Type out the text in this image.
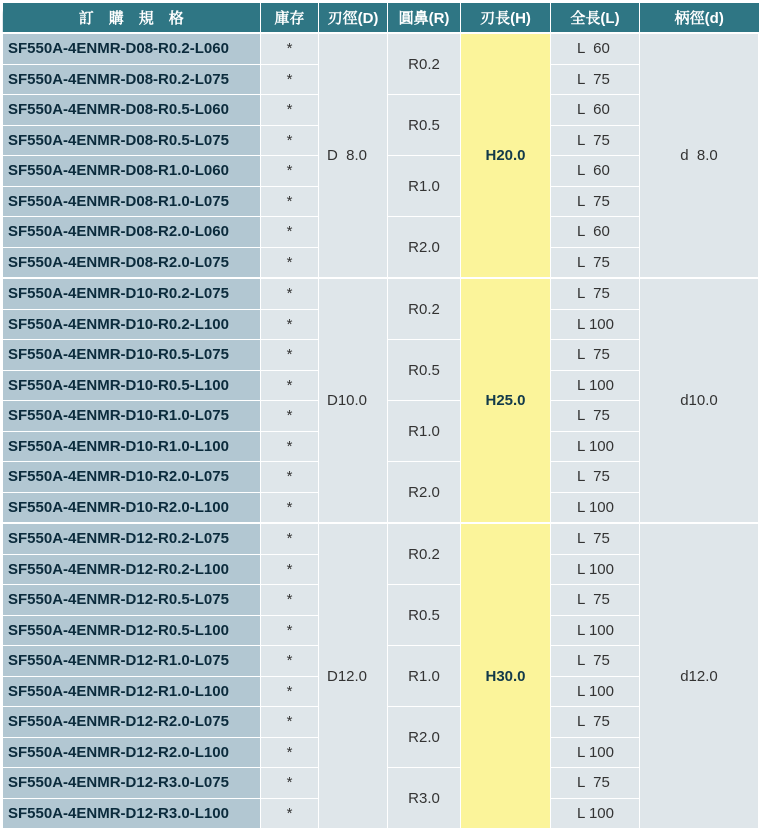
訂　購　規　格	庫存	刃徑(D)	圓鼻(R)	刃長(H)	全長(L)	柄徑(d)
SF550A-4ENMR-D08-R0.2-L060	*	D  8.0	R0.2	H20.0	L  60	d  8.0
SF550A-4ENMR-D08-R0.2-L075	*				L  75	
SF550A-4ENMR-D08-R0.5-L060	*		R0.5		L  60	
SF550A-4ENMR-D08-R0.5-L075	*				L  75	
SF550A-4ENMR-D08-R1.0-L060	*		R1.0		L  60	
SF550A-4ENMR-D08-R1.0-L075	*				L  75	
SF550A-4ENMR-D08-R2.0-L060	*		R2.0		L  60	
SF550A-4ENMR-D08-R2.0-L075	*				L  75	
SF550A-4ENMR-D10-R0.2-L075	*	D10.0	R0.2	H25.0	L  75	d10.0
SF550A-4ENMR-D10-R0.2-L100	*				L 100	
SF550A-4ENMR-D10-R0.5-L075	*		R0.5		L  75	
SF550A-4ENMR-D10-R0.5-L100	*				L 100	
SF550A-4ENMR-D10-R1.0-L075	*		R1.0		L  75	
SF550A-4ENMR-D10-R1.0-L100	*				L 100	
SF550A-4ENMR-D10-R2.0-L075	*		R2.0		L  75	
SF550A-4ENMR-D10-R2.0-L100	*				L 100	
SF550A-4ENMR-D12-R0.2-L075	*	D12.0	R0.2	H30.0	L  75	d12.0
SF550A-4ENMR-D12-R0.2-L100	*				L 100	
SF550A-4ENMR-D12-R0.5-L075	*		R0.5		L  75	
SF550A-4ENMR-D12-R0.5-L100	*				L 100	
SF550A-4ENMR-D12-R1.0-L075	*		R1.0		L  75	
SF550A-4ENMR-D12-R1.0-L100	*				L 100	
SF550A-4ENMR-D12-R2.0-L075	*		R2.0		L  75	
SF550A-4ENMR-D12-R2.0-L100	*				L 100	
SF550A-4ENMR-D12-R3.0-L075	*		R3.0		L  75	
SF550A-4ENMR-D12-R3.0-L100	*				L 100	
